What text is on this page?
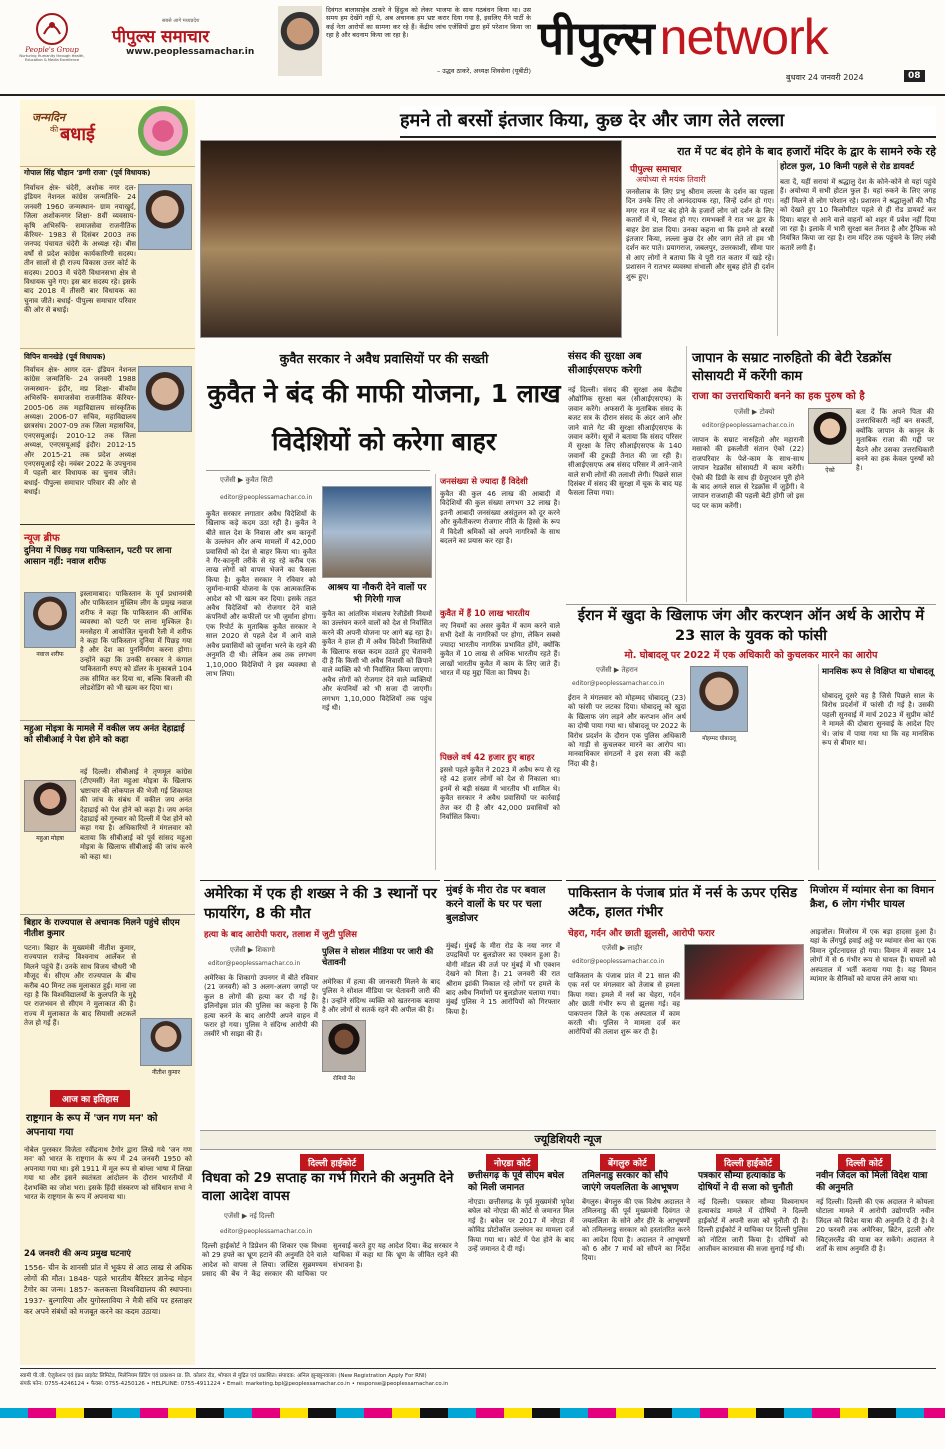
People's Group
Nurturing Humanity through Health, Education & Media Excellence
सबसे आगे मध्यप्रदेश
पीपुल्स समाचार
www.peoplessamachar.in
दिवंगत बालासाहेब ठाकरे ने हिंदुत्व को लेकर भाजपा के साथ गठबंधन किया था। उस समय हम देखेंगे नहीं थे, अब अचानक हम भ्रष्ट करार दिया गया है, इसलिए मैंने पार्टी के कई नेता आरोपों का सामना कर रहे हैं। केंद्रीय जांच एजेंसियों द्वारा हमें परेशान किया जा रहा है और बदनाम किया जा रहा है।
– उद्धव ठाकरे, अध्यक्ष शिवसेना (यूबीटी)
पीपुल्स network
बुधवार 24 जनवरी 2024	08
जन्मदिन
की बधाई
गोपाल सिंह चौहान 'डग्गी राजा' (पूर्व विधायक)
निर्वाचन क्षेत्र- चंदेरी, अशोक नगर दल- इंडियन नेशनल कांग्रेस जन्मतिथि- 24 जनवरी 1960 जन्मस्थान- ग्राम नयाखुर्द, जिला अशोकनगर शिक्षा- 8वीं व्यवसाय- कृषि अभिरुचि- समाजसेवा राजनीतिक कॅरियर- 1983 से दिसंबर 2003 तक जनपद पंचायत चंदेरी के अध्यक्ष रहे। बीस वर्षों से प्रदेश कांग्रेस कार्यकारिणी सदस्य। तीन सालों से ही राज्य विकास उत्तर कोर्ट के सदस्य। 2003 में चंदेरी विधानसभा क्षेत्र से विधायक चुने गए। इस बार सदस्य रहे। इसके बाद 2018 में तीसरी बार विधायक का चुनाव जीते। बधाई- पीपुल्स समाचार परिवार की ओर से बधाई।
विपिन वानखेड़े (पूर्व विधायक)
निर्वाचन क्षेत्र- आगर दल- इंडियन नेशनल कांग्रेस जन्मतिथि- 24 जनवरी 1988 जन्मस्थान- इंदौर, मप्र शिक्षा- बीकॉम अभिरुचि- समाजसेवा राजनीतिक कॅरियर- 2005-06 तक महाविद्यालय सांस्कृतिक अध्यक्ष। 2006-07 सचिव, महाविद्यालय छात्रसंघ। 2007-09 तक जिला महासचिव, एनएसयूआई। 2010-12 तक जिला अध्यक्ष, एनएसयूआई इंदौर। 2012-15 और 2015-21 तक प्रदेश अध्यक्ष एनएसयूआई रहे। नवंबर 2022 के उपचुनाव में पहली बार विधायक का चुनाव जीते। बधाई- पीपुल्स समाचार परिवार की ओर से बधाई।
न्यूज ब्रीफ
दुनिया में पिछड़ गया पाकिस्तान, पटरी पर लाना आसान नहीं: नवाज शरीफ
नवाज शरीफ
इस्लामाबाद। पाकिस्तान के पूर्व प्रधानमंत्री और पाकिस्तान मुस्लिम लीग के प्रमुख नवाज शरीफ ने कहा कि पाकिस्तान की आर्थिक व्यवस्था को पटरी पर लाना मुश्किल है। मनसेहरा में आयोजित चुनावी रैली में शरीफ ने कहा कि पाकिस्तान दुनिया में पिछड़ गया है और देश का पुनर्निर्माण करना होगा। उन्होंने कहा कि उनकी सरकार ने कंगाल पाकिस्तानी रुपए को डॉलर के मुकाबले 104 तक सीमित कर दिया था, बल्कि बिजली की लोडशेडिंग को भी खत्म कर दिया था।
महुआ मोइत्रा के मामले में वकील जय अनंत देहाद्राई को सीबीआई ने पेश होने को कहा
महुआ मोइत्रा
नई दिल्ली। सीबीआई ने तृणमूल कांग्रेस (टीएमसी) नेता महुआ मोइत्रा के खिलाफ भ्रष्टाचार की लोकपाल की भेजी गई शिकायत की जांच के संबंध में वकील जय अनंत देहाद्राई को पेश होने को कहा है। जय अनंत देहाद्राई को गुरुवार को दिल्ली में पेश होने को कहा गया है। अधिकारियों ने मंगलवार को बताया कि सीबीआई को पूर्व सांसद महुआ मोइत्रा के खिलाफ सीबीआई की जांच करने को कहा था।
बिहार के राज्यपाल से अचानक मिलने पहुंचे सीएम नीतीश कुमार
पटना। बिहार के मुख्यमंत्री नीतीश कुमार, राज्यपाल राजेन्द्र विश्वनाथ आर्लेकर से मिलने पहुंचे हैं। उनके साथ विजय चौधरी भी मौजूद थे। सीएम और राज्यपाल के बीच करीब 40 मिनट तक मुलाकात हुई। माना जा रहा है कि विश्वविद्यालयों के कुलपति के मुद्दे पर राजभवन से सीएम ने मुलाकात की है। राज्य में मुलाकात के बाद सियासी अटकलें तेज हो गई हैं।
नीतीश कुमार
आज का इतिहास
राष्ट्रगान के रूप में 'जन गण मन' को अपनाया गया
नोबेल पुरस्कार विजेता रवींद्रनाथ टैगोर द्वारा लिखे गये 'जन गण मन' को भारत के राष्ट्रगान के रूप में 24 जनवरी 1950 को अपनाया गया था। इसे 1911 में मूल रूप से बांग्ला भाषा में लिखा गया था और इसने स्वतंत्रता आंदोलन के दौरान भारतीयों में देशभक्ति का जोश भरा। इसके हिंदी संस्करण को संविधान सभा ने भारत के राष्ट्रगान के रूप में अपनाया था।
24 जनवरी की अन्य प्रमुख घटनाएं
1556- चीन के शानसी प्रांत में भूकंप से आठ लाख से अधिक लोगों की मौत। 1848- पहले भारतीय बैरिस्टर ज्ञानेन्द्र मोहन टैगोर का जन्म। 1857- कलकत्ता विश्वविद्यालय की स्थापना। 1937- बुल्गारिया और युगोस्लाविया ने मैत्री संधि पर हस्ताक्षर कर अपने संबंधों को मजबूत करने का कदम उठाया।
हमने तो बरसों इंतजार किया, कुछ देर और जाग लेते लल्ला
रात में पट बंद होने के बाद हजारों मंदिर के द्वार के सामने रुके रहे
पीपुल्स समाचार
अयोध्या से मयंक तिवारी
जनसैलाब के लिए प्रभु श्रीराम लल्ला के दर्शन का पहला दिन उनके लिए तो आनंददायक रहा, जिन्हें दर्शन हो गए। मगर रात में पट बंद होने के हजारों लोग जो दर्शन के लिए कतारों में थे, निराश हो गए। रामभक्तों ने रात भर द्वार के बाहर डेरा डाल दिया। उनका कहना था कि हमने तो बरसों इंतजार किया, लल्ला कुछ देर और जाग लेते तो हम भी दर्शन कर पाते। प्रयागराज, जबलपुर, उत्तरकाशी, सीमा पार से आए लोगों ने बताया कि वे पूरी रात कतार में खड़े रहे। प्रशासन ने रातभर व्यवस्था संभाली और सुबह होते ही दर्शन शुरू हुए।
होटल फुल, 10 किमी पहले से रोड डायवर्ट
बता दें, यहीं सरायां में श्रद्धालु देश के कोने-कोने से यहां पहुंचे हैं। अयोध्या में सभी होटल फुल हैं। यहां रुकने के लिए जगह नहीं मिलने से लोग परेशान रहे। प्रशासन ने श्रद्धालुओं की भीड़ को देखते हुए 10 किलोमीटर पहले से ही रोड डायवर्ट कर दिया। बाहर से आने वाले वाहनों को शहर में प्रवेश नहीं दिया जा रहा है। इलाके में भारी सुरक्षा बल तैनात है और ट्रैफिक को नियंत्रित किया जा रहा है। राम मंदिर तक पहुंचने के लिए लंबी कतारें लगी हैं।
कुवैत सरकार ने अवैध प्रवासियों पर की सख्ती
कुवैत ने बंद की माफी योजना, 1 लाख विदेशियों को करेगा बाहर
एजेंसी ▶ कुवैत सिटी
editor@peoplessamachar.co.in
कुवैत सरकार लगातार अवैध विदेशियों के खिलाफ कड़े कदम उठा रही है। कुवैत ने बीते साल देश के निवास और श्रम कानूनों के उल्लंघन और अन्य मामलों में 42,000 प्रवासियों को देश से बाहर किया था। कुवैत ने गैर-कानूनी तरीके से रह रहे करीब एक लाख लोगों को वापस भेजने का फैसला किया है। कुवैत सरकार ने रविवार को जुर्माना-माफी योजना के एक आत्मकालिक आदेश को भी खत्म कर दिया। इसके तहत अवैध विदेशियों को रोजगार देने वाले कंपनियों और कफीलों पर भी जुर्माना होगा। एक रिपोर्ट के मुताबिक कुवैत सरकार ने साल 2020 से पहले देश में आने वाले अवैध प्रवासियों को जुर्माना भरने के रहने की अनुमति दी थी। लेकिन अब तक लगभग 1,10,000 विदेशियों ने इस व्यवस्था से लाभ लिया।
आश्रय या नौकरी देने वालों पर भी गिरेगी गाज
कुवैत का आंतरिक मंत्रालय रेजीडेंसी नियमों का उल्लंघन करने वालों को देश से निर्वासित करने की अपनी योजना पर आगे बढ़ रहा है। कुवैत ने हाल ही में अवैध विदेशी निवासियों के खिलाफ सख्त कदम उठाते हुए चेतावनी दी है कि किसी भी अवैध निवासी को छिपाने वाले व्यक्ति को भी निर्वासित किया जाएगा। अवैध लोगों को रोजगार देने वाले व्यक्तियों और कंपनियों को भी सजा दी जाएगी। लगभग 1,10,000 विदेशियों तक पहुंच गई थी।
जनसंख्या से ज्यादा हैं विदेशी
कुवैत की कुल 46 लाख की आबादी में विदेशियों की कुल संख्या लगभग 32 लाख है। इतनी आबादी जनसंख्या असंतुलन को दूर करने और कुवैतीकरण रोजगार नीति के हिस्से के रूप में विदेशी श्रमिकों को अपने नागरिकों के साथ बदलने का प्रयास कर रहा है।
कुवैत में हैं 10 लाख भारतीय
नए नियमों का असर कुवैत में काम करने वाले सभी देशों के नागरिकों पर होगा, लेकिन सबसे ज्यादा भारतीय नागरिक प्रभावित होंगे, क्योंकि कुवैत में 10 लाख से अधिक भारतीय रहते हैं। लाखों भारतीय कुवैत में काम के लिए जाते हैं। भारत में यह मुद्दा चिंता का विषय है।
पिछले वर्ष 42 हजार हुए बाहर
इससे पहले कुवैत ने 2023 में अवैध रूप से रह रहे 42 हजार लोगों को देश से निकाला था। इनमें से बड़ी संख्या में भारतीय भी शामिल थे। कुवैत सरकार ने अवैध प्रवासियों पर कार्रवाई तेज कर दी है और 42,000 प्रवासियों को निर्वासित किया।
संसद की सुरक्षा अब सीआईएसएफ करेगी
नई दिल्ली। संसद की सुरक्षा अब केंद्रीय औद्योगिक सुरक्षा बल (सीआईएसएफ) के जवान करेंगे। अफसरों के मुताबिक संसद के बजट सत्र के दौरान संसद के अंदर आने और जाने वाले गेट की सुरक्षा सीआईएसएफ के जवान करेंगे। सूत्रों ने बताया कि संसद परिसर में सुरक्षा के लिए सीआईएसएफ के 140 जवानों की टुकड़ी तैनात की जा रही है। सीआईएसएफ अब संसद परिसर में आने-जाने वाले सभी लोगों की तलाशी लेगी। पिछले साल दिसंबर में संसद की सुरक्षा में चूक के बाद यह फैसला लिया गया।
जापान के सम्राट नारुहितो की बेटी रेडक्रॉस सोसायटी में करेंगी काम
राजा का उत्तराधिकारी बनने का हक पुरुष को है
एजेंसी ▶ टोक्यो
editor@peoplessamachar.co.in
जापान के सम्राट नारुहितो और महारानी मसाको की इकलौती संतान ऐको (22) राजपरिवार के पेशे-काम के साथ-साथ जापान रेडक्रॉस सोसायटी में काम करेंगी। ऐको की डिग्री के साथ ही ग्रेजुएशन पूरी होने के बाद अगले साल से रेडक्रॉस में जुड़ेंगी। वे जापान राजशाही की पहली बेटी होंगी जो इस पद पर काम करेंगी।
ऐको
बता दें कि अपने पिता की उत्तराधिकारी नहीं बन सकतीं, क्योंकि जापान के कानून के मुताबिक राजा की गद्दी पर बैठने और उसका उत्तराधिकारी बनने का हक केवल पुरुषों को है।
ईरान में खुदा के खिलाफ जंग और करप्शन ऑन अर्थ के आरोप में 23 साल के युवक को फांसी
मो. घोबादलू पर 2022 में एक अधिकारी को कुचलकर मारने का आरोप
एजेंसी ▶ तेहरान
editor@peoplessamachar.co.in
ईरान ने मंगलवार को मोहम्मद घोबादलू (23) को फांसी पर लटका दिया। घोबादलू को खुदा के खिलाफ जंग लड़ने और करप्शन ऑन अर्थ का दोषी पाया गया था। घोबादलू पर 2022 के विरोध प्रदर्शन के दौरान एक पुलिस अधिकारी को गाड़ी से कुचलकर मारने का आरोप था। मानवाधिकार संगठनों ने इस सजा की कड़ी निंदा की है।
मोहम्मद घोबादलू
मानसिक रूप से विक्षिप्त था घोबादलू
घोबादलू दूसरे वह है जिसे पिछले साल के विरोध प्रदर्शनों में फांसी दी गई है। उसकी पहली सुनवाई में मार्च 2023 में सुप्रीम कोर्ट ने मामले की दोबारा सुनवाई के आदेश दिए थे। जांच में पाया गया था कि वह मानसिक रूप से बीमार था।
अमेरिका में एक ही शख्स ने की 3 स्थानों पर फायरिंग, 8 की मौत
हत्या के बाद आरोपी फरार, तलाश में जुटी पुलिस
एजेंसी ▶ शिकागो
editor@peoplessamachar.co.in
अमेरिका के शिकागो उपनगर में बीते रविवार (21 जनवरी) को 3 अलग-अलग जगहों पर कुल 8 लोगों की हत्या कर दी गई है। इलिनोइस प्रांत की पुलिस का कहना है कि हत्या करने के बाद आरोपी अपने वाहन में फरार हो गया। पुलिस ने संदिग्ध आरोपी की तस्वीरें भी साझा की हैं।
पुलिस ने सोशल मीडिया पर जारी की चेतावनी
अमेरिका में हत्या की जानकारी मिलने के बाद पुलिस ने सोशल मीडिया पर चेतावनी जारी की है। उन्होंने संदिग्ध व्यक्ति को खतरनाक बताया है और लोगों से सतर्क रहने की अपील की है।
रोमियो नेंस
मुंबई के मीरा रोड पर बवाल करने वालों के घर पर चला बुलडोजर
मुंबई। मुंबई के मीरा रोड के नया नगर में उपद्रवियों पर बुलडोजर का एक्शन हुआ है। योगी मॉडल की तर्ज पर मुंबई में भी एक्शन देखने को मिला है। 21 जनवरी की रात श्रीराम झांकी निकाल रहे लोगों पर हमले के बाद अवैध निर्माणों पर बुलडोजर चलाया गया। मुंबई पुलिस ने 15 आरोपियों को गिरफ्तार किया है।
पाकिस्तान के पंजाब प्रांत में नर्स के ऊपर एसिड अटैक, हालत गंभीर
चेहरा, गर्दन और छाती झुलसी, आरोपी फरार
एजेंसी ▶ लाहौर
editor@peoplessamachar.co.in
पाकिस्तान के पंजाब प्रांत में 21 साल की एक नर्स पर मंगलवार को तेजाब से हमला किया गया। हमले में नर्स का चेहरा, गर्दन और छाती गंभीर रूप से झुलस गई। वह पाकपत्तन जिले के एक अस्पताल में काम करती थी। पुलिस ने मामला दर्ज कर आरोपियों की तलाश शुरू कर दी है।
मिजोरम में म्यांमार सेना का विमान क्रैश, 6 लोग गंभीर घायल
आइजोल। मिजोरम में एक बड़ा हादसा हुआ है। यहां के लेंगपुई हवाई अड्डे पर म्यांमार सेना का एक विमान दुर्घटनाग्रस्त हो गया। विमान में सवार 14 लोगों में से 6 गंभीर रूप से घायल हैं। घायलों को अस्पताल में भर्ती कराया गया है। यह विमान म्यांमार के सैनिकों को वापस लेने आया था।
ज्यूडिशियरी न्यूज
दिल्ली हाईकोर्ट
विधवा को 29 सप्ताह का गर्भ गिराने की अनुमति देने वाला आदेश वापस
एजेंसी ▶ नई दिल्ली
editor@peoplessamachar.co.in
दिल्ली हाईकोर्ट ने डिप्रेशन की शिकार एक विधवा को 29 हफ्ते का भ्रूण हटाने की अनुमति देने वाले आदेश को वापस ले लिया। जस्टिस सुब्रमण्यम प्रसाद की बेंच ने केंद्र सरकार की याचिका पर सुनवाई करते हुए यह आदेश दिया। केंद्र सरकार ने याचिका में कहा था कि भ्रूण के जीवित रहने की संभावना है।
नोएडा कोर्ट
छत्तीसगढ़ के पूर्व सीएम बघेल को मिली जमानत
नोएडा। छत्तीसगढ़ के पूर्व मुख्यमंत्री भूपेश बघेल को नोएडा की कोर्ट से जमानत मिल गई है। बघेल पर 2017 में नोएडा में कोविड प्रोटोकॉल उल्लंघन का मामला दर्ज किया गया था। कोर्ट में पेश होने के बाद उन्हें जमानत दे दी गई।
बेंगलुरु कोर्ट
तमिलनाडु सरकार को सौंपे जाएंगे जयललिता के आभूषण
बेंगलुरु। बेंगलुरु की एक विशेष अदालत ने तमिलनाडु की पूर्व मुख्यमंत्री दिवंगत जे जयललिता के सोने और हीरे के आभूषणों को तमिलनाडु सरकार को हस्तांतरित करने का आदेश दिया है। अदालत ने आभूषणों को 6 और 7 मार्च को सौंपने का निर्देश दिया।
दिल्ली हाईकोर्ट
पत्रकार सौम्या हत्याकांड के दोषियों ने दी सजा को चुनौती
नई दिल्ली। पत्रकार सौम्या विश्वनाथन हत्याकांड मामले में दोषियों ने दिल्ली हाईकोर्ट में अपनी सजा को चुनौती दी है। दिल्ली हाईकोर्ट ने याचिका पर दिल्ली पुलिस को नोटिस जारी किया है। दोषियों को आजीवन कारावास की सजा सुनाई गई थी।
दिल्ली कोर्ट
नवीन जिंदल को मिली विदेश यात्रा की अनुमति
नई दिल्ली। दिल्ली की एक अदालत ने कोयला घोटाला मामले में आरोपी उद्योगपति नवीन जिंदल को विदेश यात्रा की अनुमति दे दी है। वे 20 फरवरी तक अमेरिका, ब्रिटेन, इटली और स्विट्जरलैंड की यात्रा कर सकेंगे। अदालत ने शर्तों के साथ अनुमति दी है।
स्वामी पी.जी. ऐजुकेशन एवं इंफ्रा प्राइवेट लिमिटेड, मिलेनियम प्रिंटिंग एवं प्रकाशन प्रा. लि. कोलार रोड, भोपाल से मुद्रित एवं प्रकाशित। संपादक: अनिल झुनझुनवाला। (New Registration Apply For RNI)
संपर्क फोन: 0755-4246124 • फैक्स: 0755-4250126 • HELPLINE: 0755-4911224 • Email: marketing.bpl@peoplessamachar.co.in • response@peoplessamachar.co.in
